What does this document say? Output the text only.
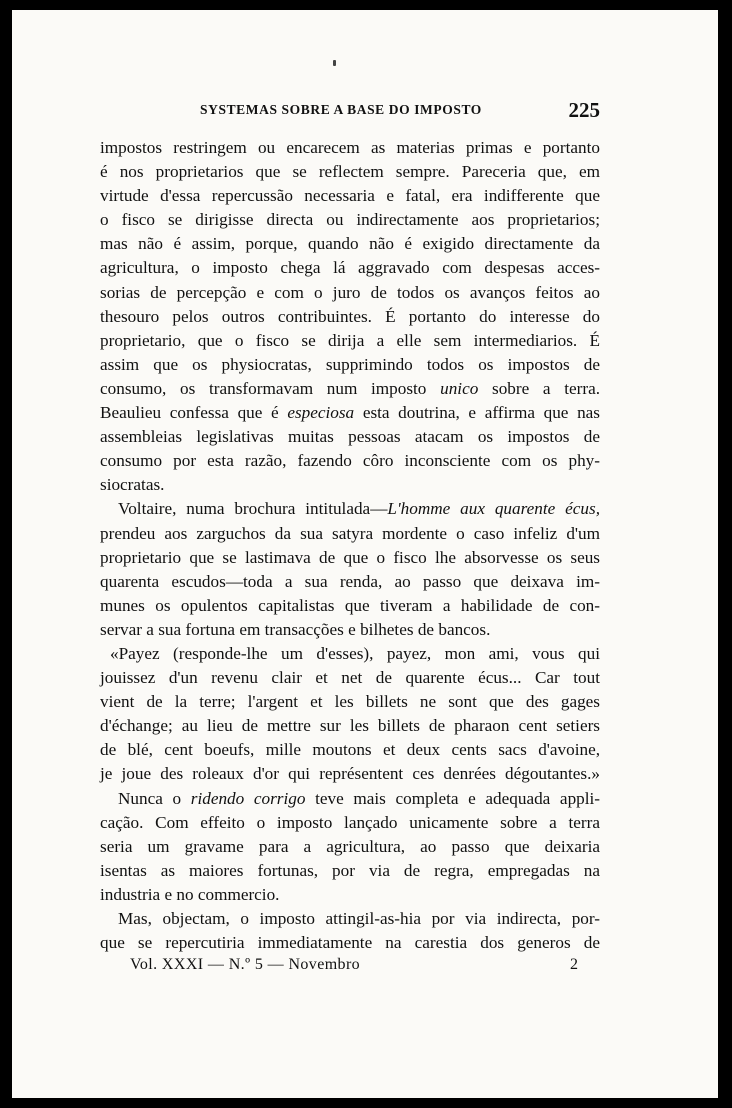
SYSTEMAS SOBRE A BASE DO IMPOSTO	225
impostos restringem ou encarecem as materias primas e portanto
é nos proprietarios que se reflectem sempre. Pareceria que, em
virtude d'essa repercussão necessaria e fatal, era indifferente que
o fisco se dirigisse directa ou indirectamente aos proprietarios;
mas não é assim, porque, quando não é exigido directamente da
agricultura, o imposto chega lá aggravado com despesas acces-
sorias de percepção e com o juro de todos os avanços feitos ao
thesouro pelos outros contribuintes. É portanto do interesse do
proprietario, que o fisco se dirija a elle sem intermediarios. É
assim que os physiocratas, supprimindo todos os impostos de
consumo, os transformavam num imposto unico sobre a terra.
Beaulieu confessa que é especiosa esta doutrina, e affirma que nas
assembleias legislativas muitas pessoas atacam os impostos de
consumo por esta razão, fazendo côro inconsciente com os phy-
siocratas.
Voltaire, numa brochura intitulada—L'homme aux quarente écus,
prendeu aos zarguchos da sua satyra mordente o caso infeliz d'um
proprietario que se lastimava de que o fisco lhe absorvesse os seus
quarenta escudos—toda a sua renda, ao passo que deixava im-
munes os opulentos capitalistas que tiveram a habilidade de con-
servar a sua fortuna em transacções e bilhetes de bancos.
«Payez (responde-lhe um d'esses), payez, mon ami, vous qui
jouissez d'un revenu clair et net de quarente écus... Car tout
vient de la terre; l'argent et les billets ne sont que des gages
d'échange; au lieu de mettre sur les billets de pharaon cent setiers
de blé, cent boeufs, mille moutons et deux cents sacs d'avoine,
je joue des roleaux d'or qui représentent ces denrées dégoutantes.»
Nunca o ridendo corrigo teve mais completa e adequada appli-
cação. Com effeito o imposto lançado unicamente sobre a terra
seria um gravame para a agricultura, ao passo que deixaria
isentas as maiores fortunas, por via de regra, empregadas na
industria e no commercio.
Mas, objectam, o imposto attingil-as-hia por via indirecta, por-
que se repercutiria immediatamente na carestia dos generos de
Vol. XXXI — N.º 5 — Novembro	2
